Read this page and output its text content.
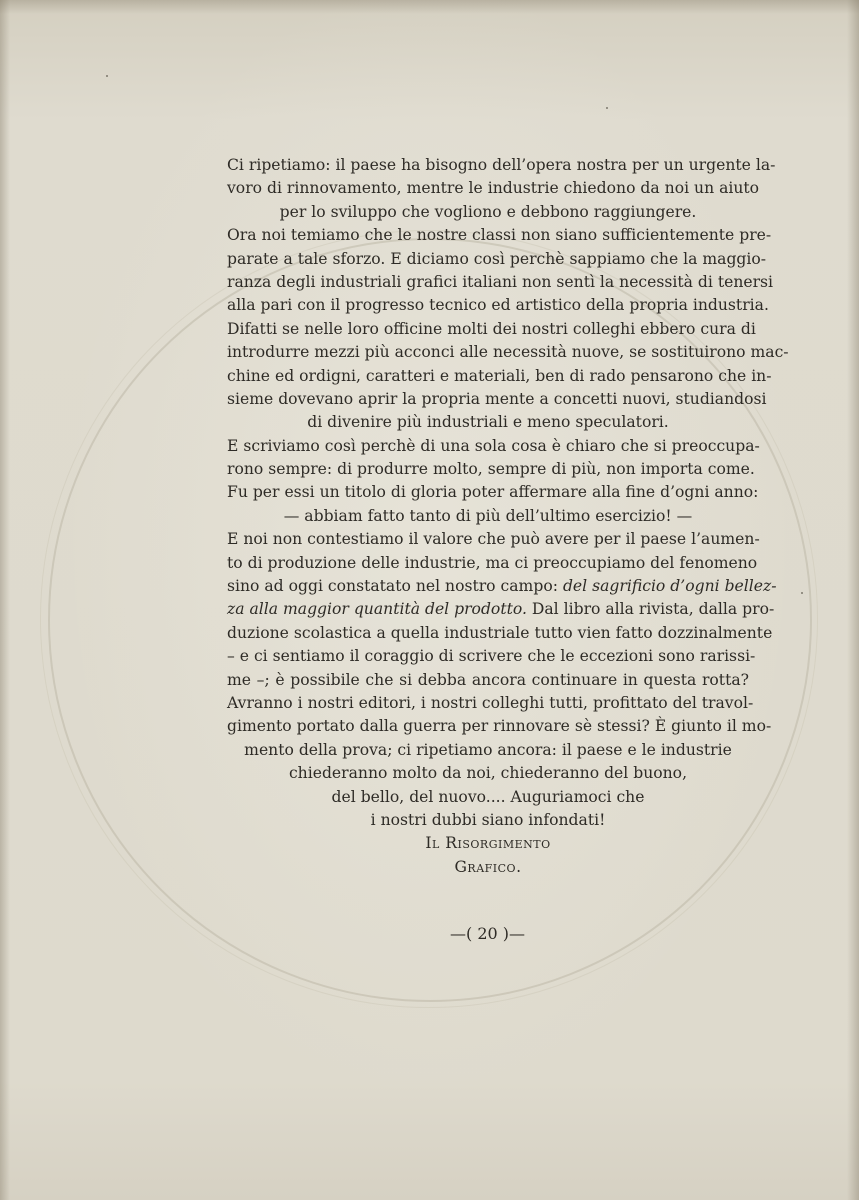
Ci ripetiamo: il paese ha bisogno dell’opera nostra per un urgente la-
voro di rinnovamento, mentre le industrie chiedono da noi un aiuto
per lo sviluppo che vogliono e debbono raggiungere.
Ora noi temiamo che le nostre classi non siano sufficientemente pre-
parate a tale sforzo. E diciamo così perchè sappiamo che la maggio-
ranza degli industriali grafici italiani non sentì la necessità di tenersi
alla pari con il progresso tecnico ed artistico della propria industria.
Difatti se nelle loro officine molti dei nostri colleghi ebbero cura di
introdurre mezzi più acconci alle necessità nuove, se sostituirono mac-
chine ed ordigni, caratteri e materiali, ben di rado pensarono che in-
sieme dovevano aprir la propria mente a concetti nuovi, studiandosi
di divenire più industriali e meno speculatori.
E scriviamo così perchè di una sola cosa è chiaro che si preoccupa-
rono sempre: di produrre molto, sempre di più, non importa come.
Fu per essi un titolo di gloria poter affermare alla fine d’ogni anno:
— abbiam fatto tanto di più dell’ultimo esercizio! —
E noi non contestiamo il valore che può avere per il paese l’aumen-
to di produzione delle industrie, ma ci preoccupiamo del fenomeno
sino ad oggi constatato nel nostro campo: del sagrificio d’ogni bellez-
za alla maggior quantità del prodotto. Dal libro alla rivista, dalla pro-
duzione scolastica a quella industriale tutto vien fatto dozzinalmente
– e ci sentiamo il coraggio di scrivere che le eccezioni sono rarissi-
me –; è possibile che si debba ancora continuare in questa rotta?
Avranno i nostri editori, i nostri colleghi tutti, profittato del travol-
gimento portato dalla guerra per rinnovare sè stessi? È giunto il mo-
mento della prova; ci ripetiamo ancora: il paese e le industrie
chiederanno molto da noi, chiederanno del buono,
del bello, del nuovo.... Auguriamoci che
i nostri dubbi siano infondati!
Il Risorgimento
Grafico.
—( 20 )—
